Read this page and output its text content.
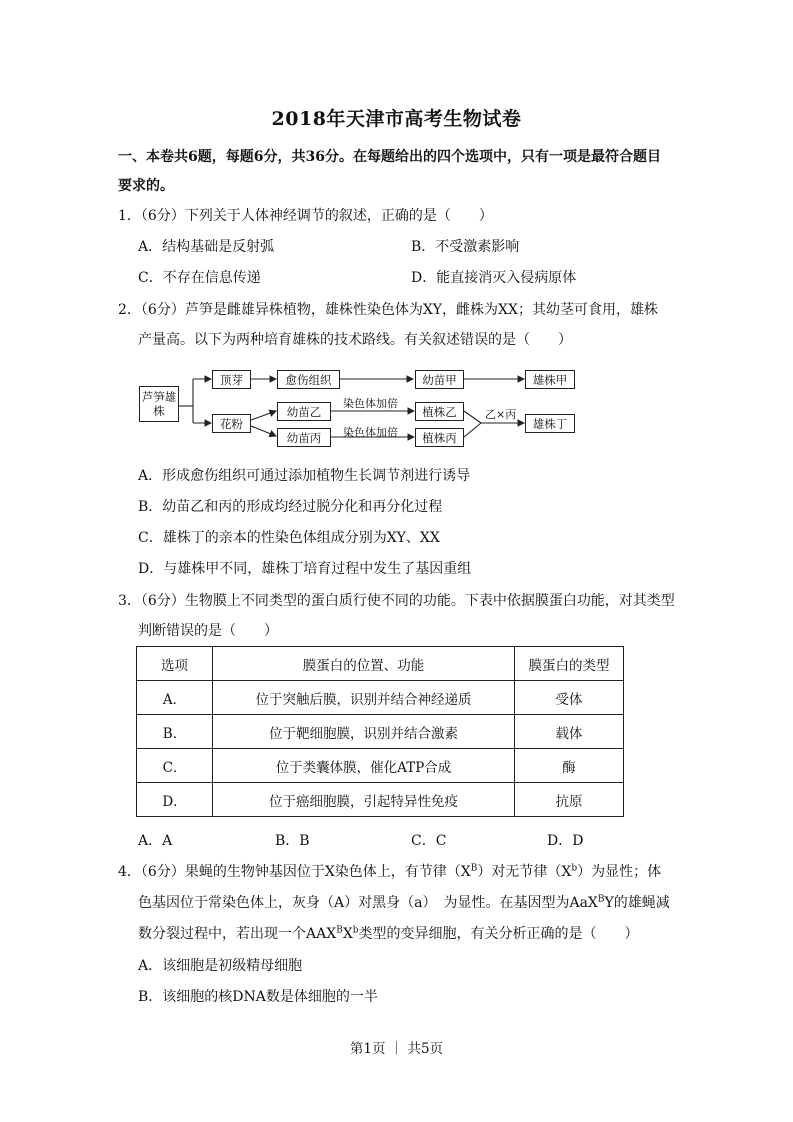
2018年天津市高考生物试卷
一、本卷共6题，每题6分，共36分。在每题给出的四个选项中，只有一项是最符合题目
要求的。
1．（6分）下列关于人体神经调节的叙述，正确的是（　　）
A．结构基础是反射弧	B．不受激素影响
C．不存在信息传递	D．能直接消灭入侵病原体
2．（6分）芦笋是雌雄异株植物，雄株性染色体为XY，雌株为XX；其幼茎可食用，雄株
产量高。以下为两种培育雄株的技术路线。有关叙述错误的是（　　）
芦笋雄株
顶芽	愈伤组织	幼苗甲	雄株甲
花粉
幼苗乙
幼苗丙
染色体加倍
染色体加倍
植株乙
植株丙
乙×丙
雄株丁
A．形成愈伤组织可通过添加植物生长调节剂进行诱导
B．幼苗乙和丙的形成均经过脱分化和再分化过程
C．雄株丁的亲本的性染色体组成分别为XY、XX
D．与雄株甲不同，雄株丁培育过程中发生了基因重组
3．（6分）生物膜上不同类型的蛋白质行使不同的功能。下表中依据膜蛋白功能，对其类型
判断错误的是（　　）
选项	膜蛋白的位置、功能	膜蛋白的类型
A．	位于突触后膜，识别并结合神经递质	受体
B．	位于靶细胞膜，识别并结合激素	载体
C．	位于类囊体膜，催化ATP合成	酶
D．	位于癌细胞膜，引起特异性免疫	抗原
A．A	B．B	C．C	D．D
4．（6分）果蝇的生物钟基因位于X染色体上，有节律$(X^B)$对无节律$(X^b)$为显性；体
色基因位于常染色体上，灰身（A）对黑身（a）　为显性。在基因型为AaX$^B$Y的雄蝇减
数分裂过程中，若出现一个$AAX^BX^b$类型的变异细胞，有关分析正确的是（　　）
A．该细胞是初级精母细胞
B．该细胞的核DNA数是体细胞的一半
第1页 ｜ 共5页
